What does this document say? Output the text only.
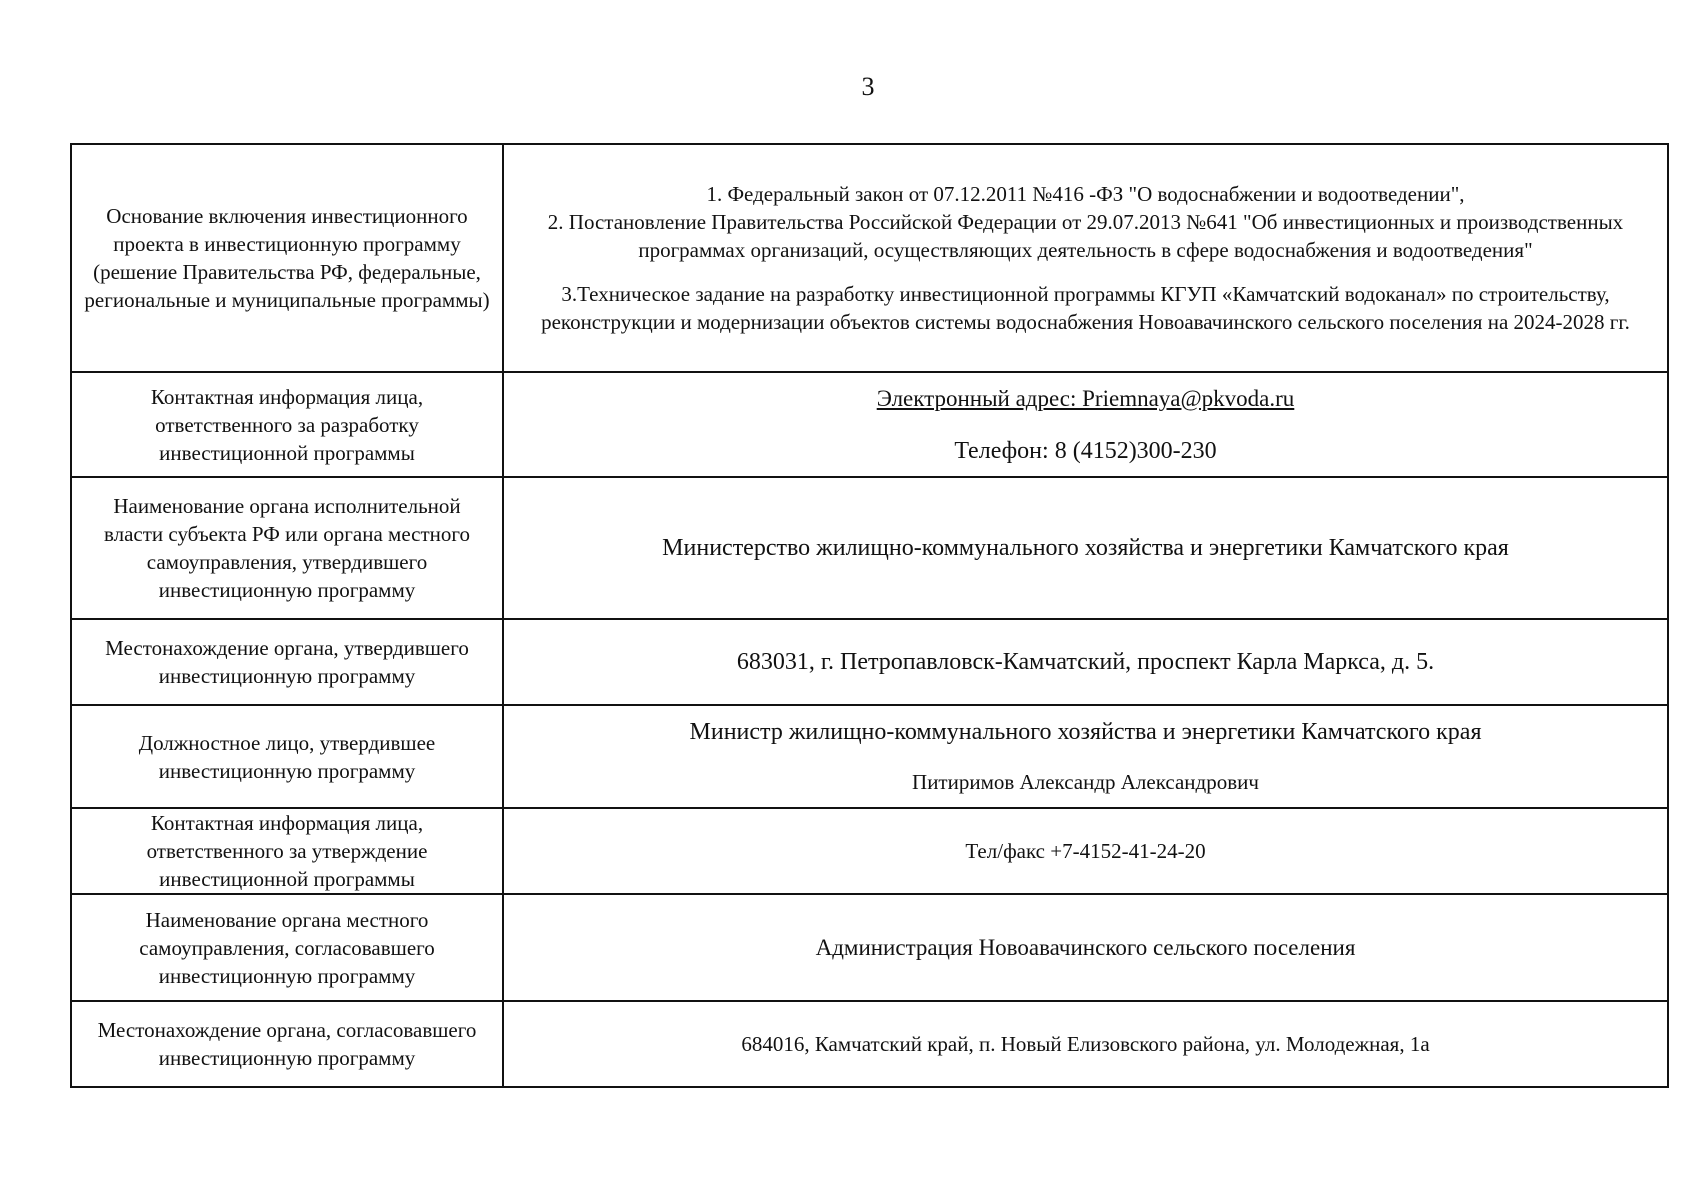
3
Основание включения инвестиционного проекта в инвестиционную программу (решение Правительства РФ, федеральные, региональные и муниципальные программы)	1. Федеральный закон от 07.12.2011 №416 -ФЗ "О водоснабжении и водоотведении",
2. Постановление Правительства Российской Федерации от 29.07.2013 №641 "Об инвестиционных и производственных программах организаций, осуществляющих деятельность в сфере водоснабжения и водоотведения"
3.Техническое задание на разработку инвестиционной программы КГУП «Камчатский водоканал» по строительству, реконструкции и модернизации объектов системы водоснабжения Новоавачинского сельского поселения на 2024-2028 гг.

Контактная информация лица, ответственного за разработку инвестиционной программы	Электронный адрес: Priemnaya@pkvoda.ru
Телефон: 8 (4152)300-230

Наименование органа исполнительной власти субъекта РФ или органа местного самоуправления, утвердившего инвестиционную программу	Министерство жилищно-коммунального хозяйства и энергетики Камчатского края
Местонахождение органа, утвердившего инвестиционную программу	683031, г. Петропавловск-Камчатский, проспект Карла Маркса, д. 5.
Должностное лицо, утвердившее инвестиционную программу	Министр жилищно-коммунального хозяйства и энергетики Камчатского края
Питиримов Александр Александрович

Контактная информация лица, ответственного за утверждение инвестиционной программы	Тел/факс +7-4152-41-24-20
Наименование органа местного самоуправления, согласовавшего инвестиционную программу	Администрация Новоавачинского сельского поселения
Местонахождение органа, согласовавшего инвестиционную программу	684016, Камчатский край, п. Новый Елизовского района, ул. Молодежная, 1а
